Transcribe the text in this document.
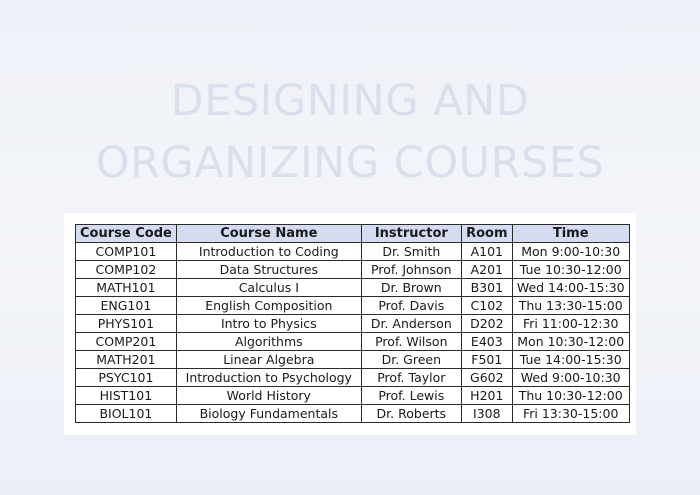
DESIGNING AND
ORGANIZING COURSES
Course Code	Course Name	Instructor	Room	Time
COMP101	Introduction to Coding	Dr. Smith	A101	Mon 9:00-10:30
COMP102	Data Structures	Prof. Johnson	A201	Tue 10:30-12:00
MATH101	Calculus I	Dr. Brown	B301	Wed 14:00-15:30
ENG101	English Composition	Prof. Davis	C102	Thu 13:30-15:00
PHYS101	Intro to Physics	Dr. Anderson	D202	Fri 11:00-12:30
COMP201	Algorithms	Prof. Wilson	E403	Mon 10:30-12:00
MATH201	Linear Algebra	Dr. Green	F501	Tue 14:00-15:30
PSYC101	Introduction to Psychology	Prof. Taylor	G602	Wed 9:00-10:30
HIST101	World History	Prof. Lewis	H201	Thu 10:30-12:00
BIOL101	Biology Fundamentals	Dr. Roberts	I308	Fri 13:30-15:00
